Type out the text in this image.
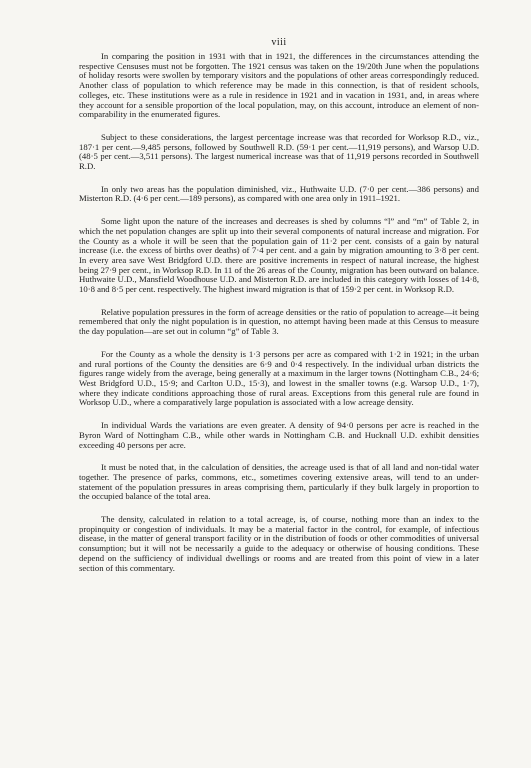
viii

In comparing the position in 1931 with that in 1921, the differences in the circumstances attending the respective Censuses must not be forgotten. The 1921 census was taken on the 19/20th June when the populations of holiday resorts were swollen by temporary visitors and the populations of other areas correspondingly reduced. Another class of population to which reference may be made in this connection, is that of resident schools, colleges, etc. These institutions were as a rule in residence in 1921 and in vacation in 1931, and, in areas where they account for a sensible proportion of the local population, may, on this account, introduce an element of non-comparability in the enumerated figures.

Subject to these considerations, the largest percentage increase was that recorded for Worksop R.D., viz., 187·1 per cent.—9,485 persons, followed by Southwell R.D. (59·1 per cent.—11,919 persons), and Warsop U.D. (48·5 per cent.—3,511 persons). The largest numerical increase was that of 11,919 persons recorded in Southwell R.D.

In only two areas has the population diminished, viz., Huthwaite U.D. (7·0 per cent.—386 persons) and Misterton R.D. (4·6 per cent.—189 persons), as compared with one area only in 1911–1921.

Some light upon the nature of the increases and decreases is shed by columns “l” and “m” of Table 2, in which the net population changes are split up into their several components of natural increase and migration. For the County as a whole it will be seen that the population gain of 11·2 per cent. consists of a gain by natural increase (i.e. the excess of births over deaths) of 7·4 per cent. and a gain by migration amounting to 3·8 per cent. In every area save West Bridgford U.D. there are positive increments in respect of natural increase, the highest being 27·9 per cent., in Worksop R.D. In 11 of the 26 areas of the County, migration has been outward on balance. Huthwaite U.D., Mansfield Woodhouse U.D. and Misterton R.D. are included in this category with losses of 14·8, 10·8 and 8·5 per cent. respectively. The highest inward migration is that of 159·2 per cent. in Worksop R.D.

Relative population pressures in the form of acreage densities or the ratio of population to acreage—it being remembered that only the night population is in question, no attempt having been made at this Census to measure the day population—are set out in column “g” of Table 3.

For the County as a whole the density is 1·3 persons per acre as compared with 1·2 in 1921; in the urban and rural portions of the County the densities are 6·9 and 0·4 respectively. In the individual urban districts the figures range widely from the average, being generally at a maximum in the larger towns (Nottingham C.B., 24·6; West Bridgford U.D., 15·9; and Carlton U.D., 15·3), and lowest in the smaller towns (e.g. Warsop U.D., 1·7), where they indicate conditions approaching those of rural areas. Exceptions from this general rule are found in Worksop U.D., where a comparatively large population is associated with a low acreage density.

In individual Wards the variations are even greater. A density of 94·0 persons per acre is reached in the Byron Ward of Nottingham C.B., while other wards in Nottingham C.B. and Hucknall U.D. exhibit densities exceeding 40 persons per acre.

It must be noted that, in the calculation of densities, the acreage used is that of all land and non-tidal water together. The presence of parks, commons, etc., sometimes covering extensive areas, will tend to an under-statement of the population pressures in areas comprising them, particularly if they bulk largely in proportion to the occupied balance of the total area.

The density, calculated in relation to a total acreage, is, of course, nothing more than an index to the propinquity or congestion of individuals. It may be a material factor in the control, for example, of infectious disease, in the matter of general transport facility or in the distribution of foods or other commodities of universal consumption; but it will not be necessarily a guide to the adequacy or otherwise of housing conditions. These depend on the sufficiency of individual dwellings or rooms and are treated from this point of view in a later section of this commentary.
